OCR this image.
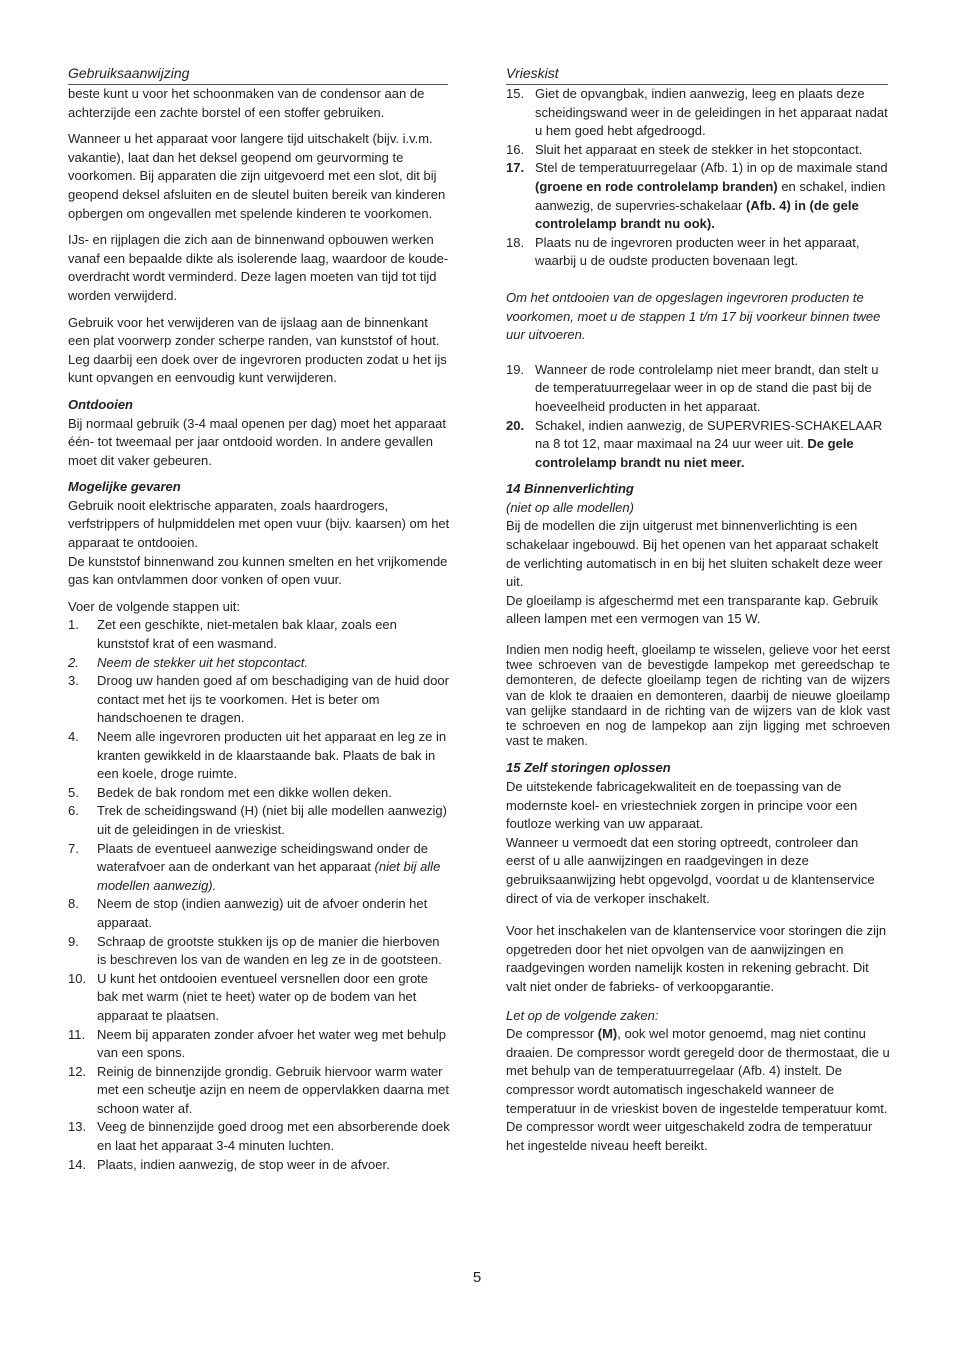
Gebruiksaanwijzing	Vrieskist

beste kunt u voor het schoonmaken van de condensor aan de achterzijde een zachte borstel of een stoffer gebruiken.

Wanneer u het apparaat voor langere tijd uitschakelt (bijv. i.v.m. vakantie), laat dan het deksel geopend om geurvorming te voorkomen. Bij apparaten die zijn uitgevoerd met een slot, dit bij geopend deksel afsluiten en de sleutel buiten bereik van kinderen opbergen om ongevallen met spelende kinderen te voorkomen.

IJs- en rijplagen die zich aan de binnenwand opbouwen werken vanaf een bepaalde dikte als isolerende laag, waardoor de koude-overdracht wordt verminderd. Deze lagen moeten van tijd tot tijd worden verwijderd.

Gebruik voor het verwijderen van de ijslaag aan de binnenkant een plat voorwerp zonder scherpe randen, van kunststof of hout.

Leg daarbij een doek over de ingevroren producten zodat u het ijs kunt opvangen en eenvoudig kunt verwijderen.

Ontdooien

Bij normaal gebruik (3-4 maal openen per dag) moet het apparaat één- tot tweemaal per jaar ontdooid worden. In andere gevallen moet dit vaker gebeuren.

Mogelijke gevaren

Gebruik nooit elektrische apparaten, zoals haardrogers, verfstrippers of hulpmiddelen met open vuur (bijv. kaarsen) om het apparaat te ontdooien.

De kunststof binnenwand zou kunnen smelten en het vrijkomende gas kan ontvlammen door vonken of open vuur.

Voer de volgende stappen uit:

1. Zet een geschikte, niet-metalen bak klaar, zoals een kunststof krat of een wasmand.
2. Neem de stekker uit het stopcontact.
3. Droog uw handen goed af om beschadiging van de huid door contact met het ijs te voorkomen. Het is beter om handschoenen te dragen.
4. Neem alle ingevroren producten uit het apparaat en leg ze in kranten gewikkeld in de klaarstaande bak. Plaats de bak in een koele, droge ruimte.
5. Bedek de bak rondom met een dikke wollen deken.
6. Trek de scheidingswand (H) (niet bij alle modellen aanwezig) uit de geleidingen in de vrieskist.
7. Plaats de eventueel aanwezige scheidingswand onder de waterafvoer aan de onderkant van het apparaat (niet bij alle modellen aanwezig).
8. Neem de stop (indien aanwezig) uit de afvoer onderin het apparaat.
9. Schraap de grootste stukken ijs op de manier die hierboven is beschreven los van de wanden en leg ze in de gootsteen.
10. U kunt het ontdooien eventueel versnellen door een grote bak met warm (niet te heet) water op de bodem van het apparaat te plaatsen.
11. Neem bij apparaten zonder afvoer het water weg met behulp van een spons.
12. Reinig de binnenzijde grondig. Gebruik hiervoor warm water met een scheutje azijn en neem de oppervlakken daarna met schoon water af.
13. Veeg de binnenzijde goed droog met een absorberende doek en laat het apparaat 3-4 minuten luchten.
14. Plaats, indien aanwezig, de stop weer in de afvoer.
15. Giet de opvangbak, indien aanwezig, leeg en plaats deze scheidingswand weer in de geleidingen in het apparaat nadat u hem goed hebt afgedroogd.
16. Sluit het apparaat en steek de stekker in het stopcontact.
17. Stel de temperatuurregelaar (Afb. 1) in op de maximale stand (groene en rode controlelamp branden) en schakel, indien aanwezig, de supervries-schakelaar (Afb. 4) in (de gele controlelamp brandt nu ook).
18. Plaats nu de ingevroren producten weer in het apparaat, waarbij u de oudste producten bovenaan legt.

Om het ontdooien van de opgeslagen ingevroren producten te voorkomen, moet u de stappen 1 t/m 17 bij voorkeur binnen twee uur uitvoeren.

19. Wanneer de rode controlelamp niet meer brandt, dan stelt u de temperatuurregelaar weer in op de stand die past bij de hoeveelheid producten in het apparaat.
20. Schakel, indien aanwezig, de SUPERVRIES-SCHAKELAAR na 8 tot 12, maar maximaal na 24 uur weer uit. De gele controlelamp brandt nu niet meer.
14 Binnenverlichting
(niet op alle modellen)

Bij de modellen die zijn uitgerust met binnenverlichting is een schakelaar ingebouwd. Bij het openen van het apparaat schakelt de verlichting automatisch in en bij het sluiten schakelt deze weer uit.

De gloeilamp is afgeschermd met een transparante kap. Gebruik alleen lampen met een vermogen van 15 W.

Indien men nodig heeft, gloeilamp te wisselen, gelieve voor het eerst twee schroeven van de bevestigde lampekop met gereedschap te demonteren, de defecte gloeilamp tegen de richting van de wijzers van de klok te draaien en demonteren, daarbij de nieuwe gloeilamp van gelijke standaard in de richting van de wijzers van de klok vast te schroeven en nog de lampekop aan zijn ligging met schroeven vast te maken.

15 Zelf storingen oplossen

De uitstekende fabricagekwaliteit en de toepassing van de modernste koel- en vriestechniek zorgen in principe voor een foutloze werking van uw apparaat.

Wanneer u vermoedt dat een storing optreedt, controleer dan eerst of u alle aanwijzingen en raadgevingen in deze gebruiksaanwijzing hebt opgevolgd, voordat u de klantenservice direct of via de verkoper inschakelt.

Voor het inschakelen van de klantenservice voor storingen die zijn opgetreden door het niet opvolgen van de aanwijzingen en raadgevingen worden namelijk kosten in rekening gebracht. Dit valt niet onder de fabrieks- of verkoopgarantie.

Let op de volgende zaken:

De compressor (M), ook wel motor genoemd, mag niet continu draaien. De compressor wordt geregeld door de thermostaat, die u met behulp van de temperatuurregelaar (Afb. 4) instelt. De compressor wordt automatisch ingeschakeld wanneer de temperatuur in de vrieskist boven de ingestelde temperatuur komt. De compressor wordt weer uitgeschakeld zodra de temperatuur het ingestelde niveau heeft bereikt.

5
